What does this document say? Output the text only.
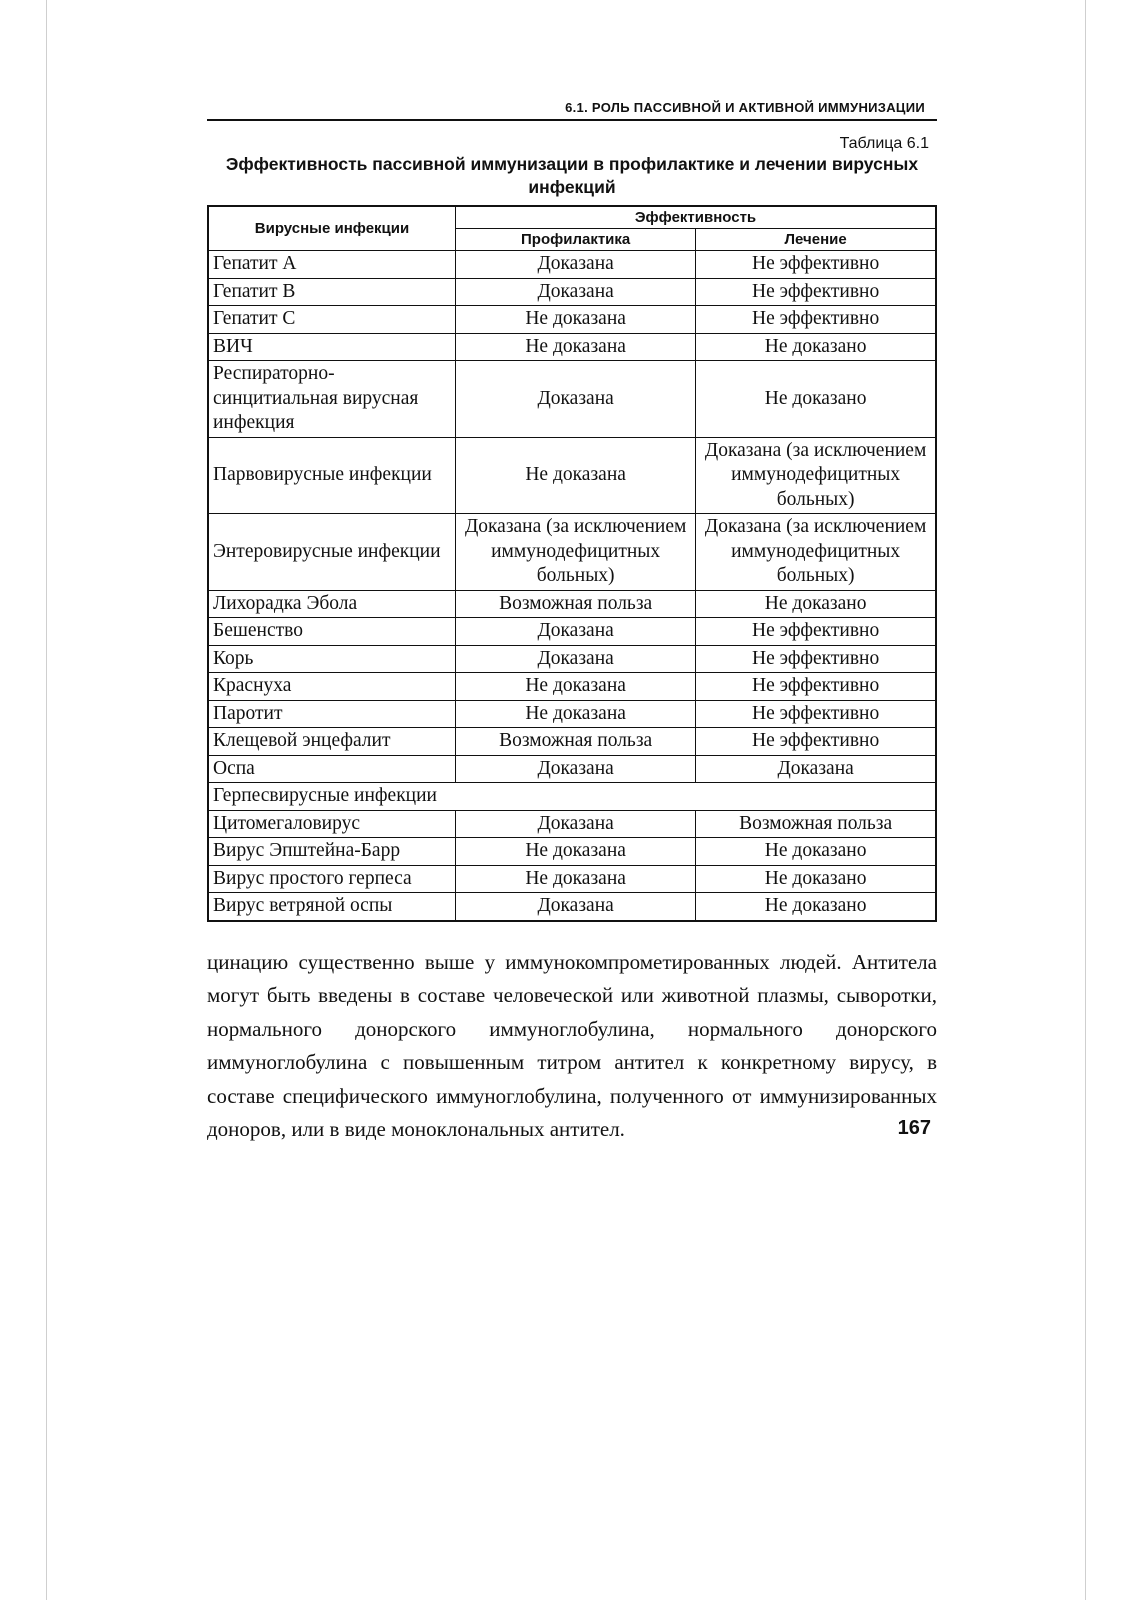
6.1. РОЛЬ ПАССИВНОЙ И АКТИВНОЙ ИММУНИЗАЦИИ
Таблица 6.1
Эффективность пассивной иммунизации в профилактике и лечении вирусных инфекций
Вирусные инфекции	Эффективность	
	Профилактика	Лечение
Гепатит А	Доказана	Не эффективно
Гепатит В	Доказана	Не эффективно
Гепатит С	Не доказана	Не эффективно
ВИЧ	Не доказана	Не доказано
Респираторно-синцитиальная вирусная инфекция	Доказана	Не доказано
Парвовирусные инфекции	Не доказана	Доказана (за исключением иммунодефицитных больных)
Энтеровирусные инфекции	Доказана (за исключением иммунодефицитных больных)	Доказана (за исключением иммунодефицитных больных)
Лихорадка Эбола	Возможная польза	Не доказано
Бешенство	Доказана	Не эффективно
Корь	Доказана	Не эффективно
Краснуха	Не доказана	Не эффективно
Паротит	Не доказана	Не эффективно
Клещевой энцефалит	Возможная польза	Не эффективно
Оспа	Доказана	Доказана
Герпесвирусные инфекции		
Цитомегаловирус	Доказана	Возможная польза
Вирус Эпштейна-Барр	Не доказана	Не доказано
Вирус простого герпеса	Не доказана	Не доказано
Вирус ветряной оспы	Доказана	Не доказано
цинацию существенно выше у иммунокомпрометированных людей. Антитела могут быть введены в составе человеческой или животной плазмы, сыворотки, нормального донорского иммуноглобулина, нормального донорского иммуноглобулина с повышенным титром антител к конкретному вирусу, в составе специфического иммуноглобулина, полученного от иммунизированных доноров, или в виде моноклональных антител.	167
